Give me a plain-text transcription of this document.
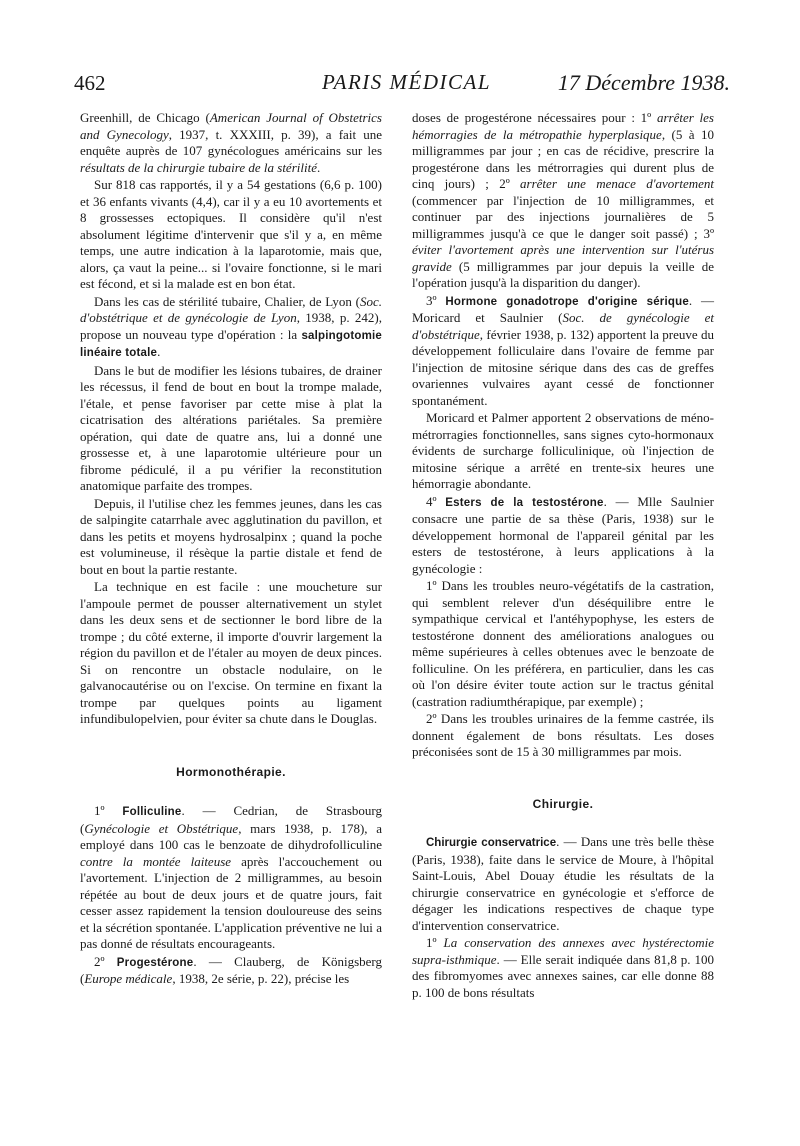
462	PARIS MÉDICAL	17 Décembre 1938.

Greenhill, de Chicago (American Journal of Obstetrics and Gynecology, 1937, t. XXXIII, p. 39), a fait une enquête auprès de 107 gynécologues américains sur les résultats de la chirurgie tubaire de la stérilité.

Sur 818 cas rapportés, il y a 54 gestations (6,6 p. 100) et 36 enfants vivants (4,4), car il y a eu 10 avortements et 8 grossesses ectopiques. Il considère qu'il n'est absolument légitime d'intervenir que s'il y a, en même temps, une autre indication à la laparotomie, mais que, alors, ça vaut la peine... si l'ovaire fonctionne, si le mari est fécond, et si la malade est en bon état.

Dans les cas de stérilité tubaire, Chalier, de Lyon (Soc. d'obstétrique et de gynécologie de Lyon, 1938, p. 242), propose un nouveau type d'opération : la salpingotomie linéaire totale.

Dans le but de modifier les lésions tubaires, de drainer les récessus, il fend de bout en bout la trompe malade, l'étale, et pense favoriser par cette mise à plat la cicatrisation des altérations pariétales. Sa première opération, qui date de quatre ans, lui a donné une grossesse et, à une laparotomie ultérieure pour un fibrome pédiculé, il a pu vérifier la reconstitution anatomique parfaite des trompes.

Depuis, il l'utilise chez les femmes jeunes, dans les cas de salpingite catarrhale avec agglutination du pavillon, et dans les petits et moyens hydrosalpinx ; quand la poche est volumineuse, il résèque la partie distale et fend de bout en bout la partie restante.

La technique en est facile : une moucheture sur l'ampoule permet de pousser alternativement un stylet dans les deux sens et de sectionner le bord libre de la trompe ; du côté externe, il importe d'ouvrir largement la région du pavillon et de l'étaler au moyen de deux pinces. Si on rencontre un obstacle nodulaire, on le galvanocautérise ou on l'excise. On termine en fixant la trompe par quelques points au ligament infundibulopelvien, pour éviter sa chute dans le Douglas.

Hormonothérapie.

1º Folliculine. — Cedrian, de Strasbourg (Gynécologie et Obstétrique, mars 1938, p. 178), a employé dans 100 cas le benzoate de dihydrofolliculine contre la montée laiteuse après l'accouchement ou l'avortement. L'injection de 2 milligrammes, au besoin répétée au bout de deux jours et de quatre jours, fait cesser assez rapidement la tension douloureuse des seins et la sécrétion spontanée. L'application préventive ne lui a pas donné de résultats encourageants.

2º Progestérone. — Clauberg, de Königsberg (Europe médicale, 1938, 2e série, p. 22), précise les

doses de progestérone nécessaires pour : 1º arrêter les hémorragies de la métropathie hyperplasique, (5 à 10 milligrammes par jour ; en cas de récidive, prescrire la progestérone dans les métrorragies qui durent plus de cinq jours) ; 2º arrêter une menace d'avortement (commencer par l'injection de 10 milligrammes, et continuer par des injections journalières de 5 milligrammes jusqu'à ce que le danger soit passé) ; 3º éviter l'avortement après une intervention sur l'utérus gravide (5 milligrammes par jour depuis la veille de l'opération jusqu'à la disparition du danger).

3º Hormone gonadotrope d'origine sérique. — Moricard et Saulnier (Soc. de gynécologie et d'obstétrique, février 1938, p. 132) apportent la preuve du développement folliculaire dans l'ovaire de femme par l'injection de mitosine sérique dans des cas de greffes ovariennes vulvaires ayant cessé de fonctionner spontanément.

Moricard et Palmer apportent 2 observations de méno-métrorragies fonctionnelles, sans signes cyto-hormonaux évidents de surcharge folliculinique, où l'injection de mitosine sérique a arrêté en trente-six heures une hémorragie abondante.

4º Esters de la testostérone. — Mlle Saulnier consacre une partie de sa thèse (Paris, 1938) sur le développement hormonal de l'appareil génital par les esters de testostérone, à leurs applications à la gynécologie :

1º Dans les troubles neuro-végétatifs de la castration, qui semblent relever d'un déséquilibre entre le sympathique cervical et l'antéhypophyse, les esters de testostérone donnent des améliorations analogues ou même supérieures à celles obtenues avec le benzoate de folliculine. On les préférera, en particulier, dans les cas où l'on désire éviter toute action sur le tractus génital (castration radiumthérapique, par exemple) ;

2º Dans les troubles urinaires de la femme castrée, ils donnent également de bons résultats. Les doses préconisées sont de 15 à 30 milligrammes par mois.

Chirurgie.

Chirurgie conservatrice. — Dans une très belle thèse (Paris, 1938), faite dans le service de Moure, à l'hôpital Saint-Louis, Abel Douay étudie les résultats de la chirurgie conservatrice en gynécologie et s'efforce de dégager les indications respectives de chaque type d'intervention conservatrice.

1º La conservation des annexes avec hystérectomie supra-isthmique. — Elle serait indiquée dans 81,8 p. 100 des fibromyomes avec annexes saines, car elle donne 88 p. 100 de bons résultats
